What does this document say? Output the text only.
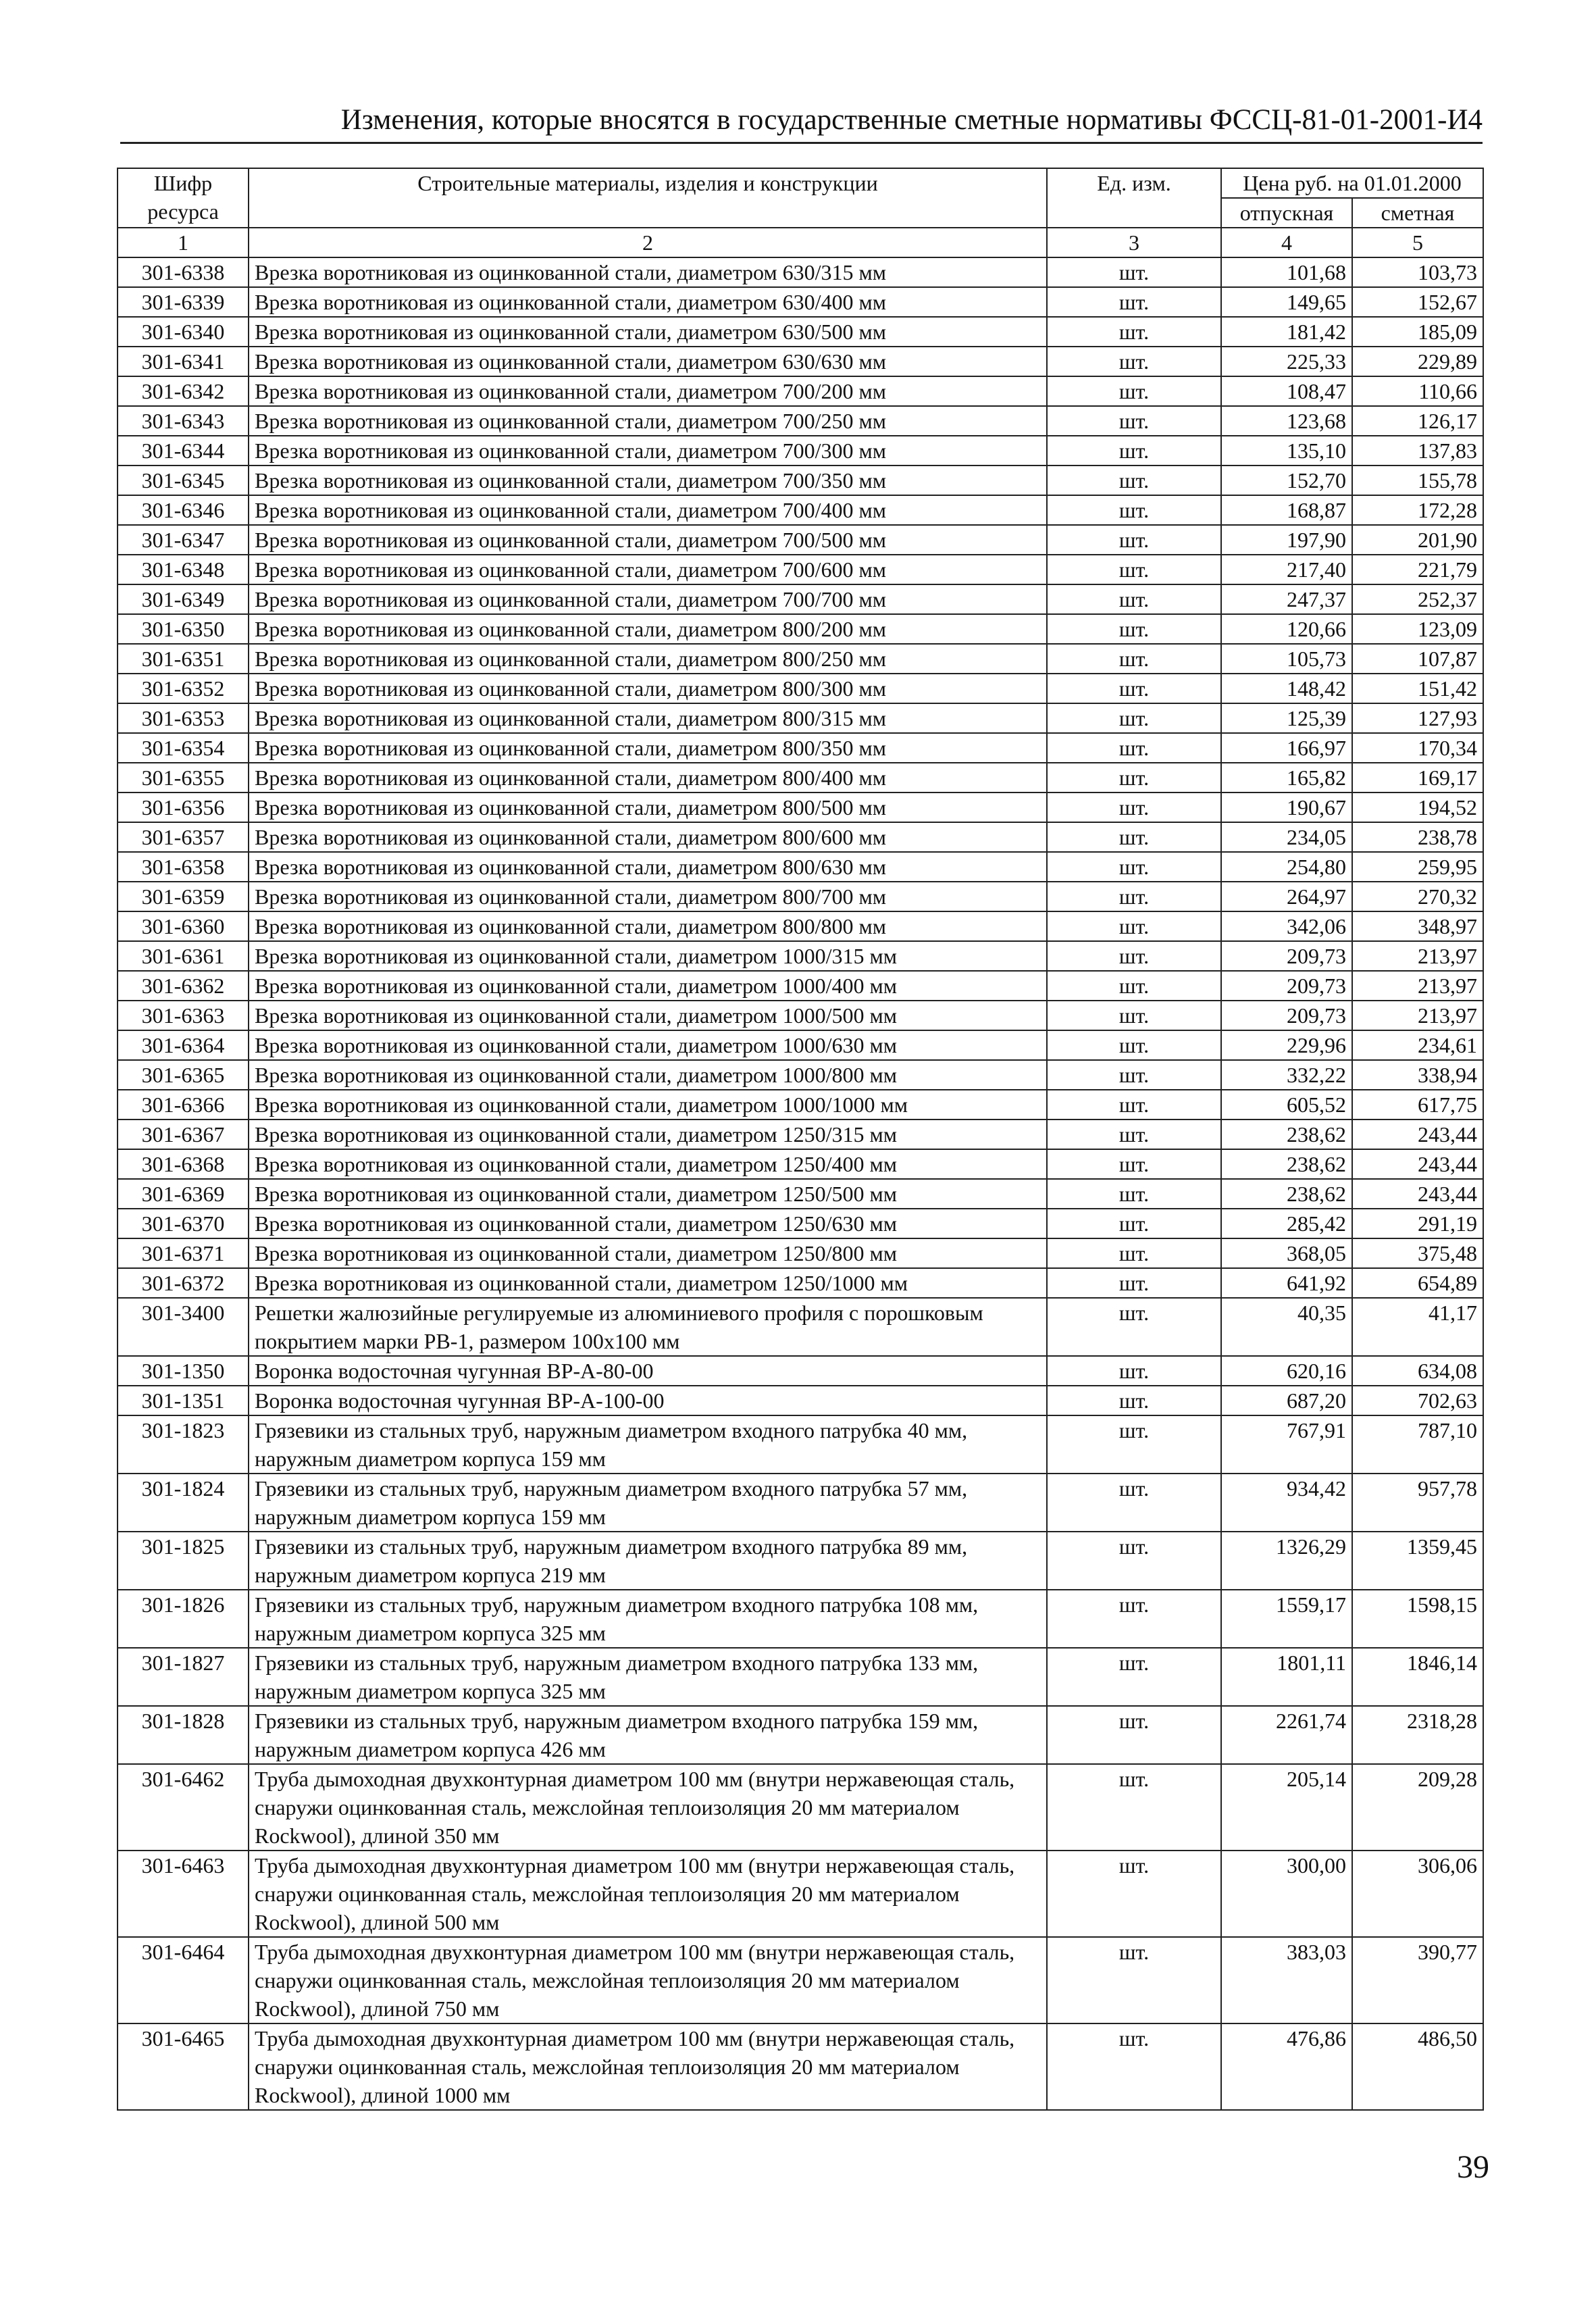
Изменения, которые вносятся в государственные сметные нормативы ФССЦ-81-01-2001-И4
Шифр ресурса	Строительные материалы, изделия и конструкции	Ед. изм.	Цена руб. на 01.01.2000	
			отпускная	сметная
1	2	3	4	5
301-6338	Врезка воротниковая из оцинкованной стали, диаметром 630/315 мм	шт.	101,68	103,73
301-6339	Врезка воротниковая из оцинкованной стали, диаметром 630/400 мм	шт.	149,65	152,67
301-6340	Врезка воротниковая из оцинкованной стали, диаметром 630/500 мм	шт.	181,42	185,09
301-6341	Врезка воротниковая из оцинкованной стали, диаметром 630/630 мм	шт.	225,33	229,89
301-6342	Врезка воротниковая из оцинкованной стали, диаметром 700/200 мм	шт.	108,47	110,66
301-6343	Врезка воротниковая из оцинкованной стали, диаметром 700/250 мм	шт.	123,68	126,17
301-6344	Врезка воротниковая из оцинкованной стали, диаметром 700/300 мм	шт.	135,10	137,83
301-6345	Врезка воротниковая из оцинкованной стали, диаметром 700/350 мм	шт.	152,70	155,78
301-6346	Врезка воротниковая из оцинкованной стали, диаметром 700/400 мм	шт.	168,87	172,28
301-6347	Врезка воротниковая из оцинкованной стали, диаметром 700/500 мм	шт.	197,90	201,90
301-6348	Врезка воротниковая из оцинкованной стали, диаметром 700/600 мм	шт.	217,40	221,79
301-6349	Врезка воротниковая из оцинкованной стали, диаметром 700/700 мм	шт.	247,37	252,37
301-6350	Врезка воротниковая из оцинкованной стали, диаметром 800/200 мм	шт.	120,66	123,09
301-6351	Врезка воротниковая из оцинкованной стали, диаметром 800/250 мм	шт.	105,73	107,87
301-6352	Врезка воротниковая из оцинкованной стали, диаметром 800/300 мм	шт.	148,42	151,42
301-6353	Врезка воротниковая из оцинкованной стали, диаметром 800/315 мм	шт.	125,39	127,93
301-6354	Врезка воротниковая из оцинкованной стали, диаметром 800/350 мм	шт.	166,97	170,34
301-6355	Врезка воротниковая из оцинкованной стали, диаметром 800/400 мм	шт.	165,82	169,17
301-6356	Врезка воротниковая из оцинкованной стали, диаметром 800/500 мм	шт.	190,67	194,52
301-6357	Врезка воротниковая из оцинкованной стали, диаметром 800/600 мм	шт.	234,05	238,78
301-6358	Врезка воротниковая из оцинкованной стали, диаметром 800/630 мм	шт.	254,80	259,95
301-6359	Врезка воротниковая из оцинкованной стали, диаметром 800/700 мм	шт.	264,97	270,32
301-6360	Врезка воротниковая из оцинкованной стали, диаметром 800/800 мм	шт.	342,06	348,97
301-6361	Врезка воротниковая из оцинкованной стали, диаметром 1000/315 мм	шт.	209,73	213,97
301-6362	Врезка воротниковая из оцинкованной стали, диаметром 1000/400 мм	шт.	209,73	213,97
301-6363	Врезка воротниковая из оцинкованной стали, диаметром 1000/500 мм	шт.	209,73	213,97
301-6364	Врезка воротниковая из оцинкованной стали, диаметром 1000/630 мм	шт.	229,96	234,61
301-6365	Врезка воротниковая из оцинкованной стали, диаметром 1000/800 мм	шт.	332,22	338,94
301-6366	Врезка воротниковая из оцинкованной стали, диаметром 1000/1000 мм	шт.	605,52	617,75
301-6367	Врезка воротниковая из оцинкованной стали, диаметром 1250/315 мм	шт.	238,62	243,44
301-6368	Врезка воротниковая из оцинкованной стали, диаметром 1250/400 мм	шт.	238,62	243,44
301-6369	Врезка воротниковая из оцинкованной стали, диаметром 1250/500 мм	шт.	238,62	243,44
301-6370	Врезка воротниковая из оцинкованной стали, диаметром 1250/630 мм	шт.	285,42	291,19
301-6371	Врезка воротниковая из оцинкованной стали, диаметром 1250/800 мм	шт.	368,05	375,48
301-6372	Врезка воротниковая из оцинкованной стали, диаметром 1250/1000 мм	шт.	641,92	654,89
301-3400	Решетки жалюзийные регулируемые из алюминиевого профиля с порошковым покрытием марки РВ-1, размером 100х100 мм	шт.	40,35	41,17
301-1350	Воронка водосточная чугунная ВР-А-80-00	шт.	620,16	634,08
301-1351	Воронка водосточная чугунная ВР-А-100-00	шт.	687,20	702,63
301-1823	Грязевики из стальных труб, наружным диаметром входного патрубка 40 мм, наружным диаметром корпуса 159 мм	шт.	767,91	787,10
301-1824	Грязевики из стальных труб, наружным диаметром входного патрубка 57 мм, наружным диаметром корпуса 159 мм	шт.	934,42	957,78
301-1825	Грязевики из стальных труб, наружным диаметром входного патрубка 89 мм, наружным диаметром корпуса 219 мм	шт.	1326,29	1359,45
301-1826	Грязевики из стальных труб, наружным диаметром входного патрубка 108 мм, наружным диаметром корпуса 325 мм	шт.	1559,17	1598,15
301-1827	Грязевики из стальных труб, наружным диаметром входного патрубка 133 мм, наружным диаметром корпуса 325 мм	шт.	1801,11	1846,14
301-1828	Грязевики из стальных труб, наружным диаметром входного патрубка 159 мм, наружным диаметром корпуса 426 мм	шт.	2261,74	2318,28
301-6462	Труба дымоходная двухконтурная диаметром 100 мм (внутри нержавеющая сталь, снаружи оцинкованная сталь, межслойная теплоизоляция 20 мм материалом Rockwool), длиной 350 мм	шт.	205,14	209,28
301-6463	Труба дымоходная двухконтурная диаметром 100 мм (внутри нержавеющая сталь, снаружи оцинкованная сталь, межслойная теплоизоляция 20 мм материалом Rockwool), длиной 500 мм	шт.	300,00	306,06
301-6464	Труба дымоходная двухконтурная диаметром 100 мм (внутри нержавеющая сталь, снаружи оцинкованная сталь, межслойная теплоизоляция 20 мм материалом Rockwool), длиной 750 мм	шт.	383,03	390,77
301-6465	Труба дымоходная двухконтурная диаметром 100 мм (внутри нержавеющая сталь, снаружи оцинкованная сталь, межслойная теплоизоляция 20 мм материалом Rockwool), длиной 1000 мм	шт.	476,86	486,50
39
